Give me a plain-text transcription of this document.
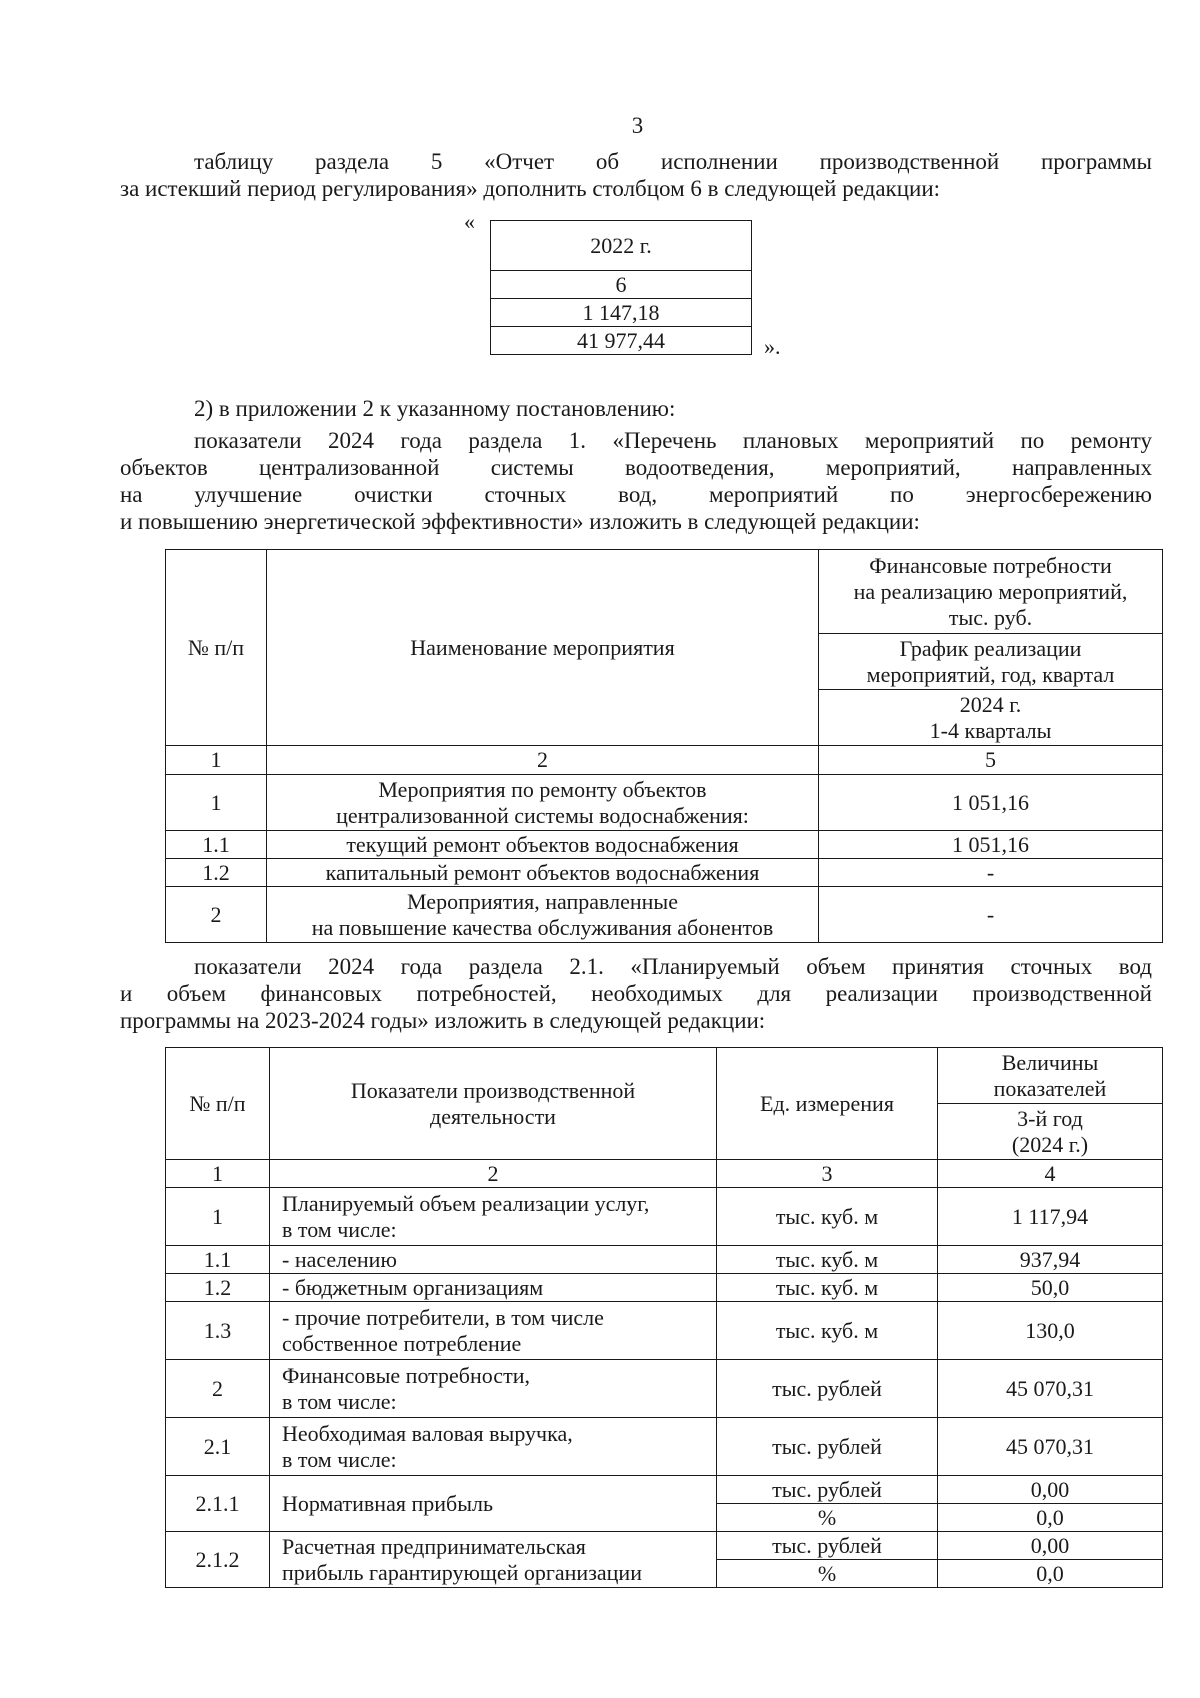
3
таблицу раздела 5 «Отчет об исполнении производственной программы
за истекший период регулирования» дополнить столбцом 6 в следующей редакции:
«
2022 г.
6
1 147,18
41 977,44	».
2) в приложении 2 к указанному постановлению:
показатели 2024 года раздела 1. «Перечень плановых мероприятий по ремонту
объектов централизованной системы водоотведения, мероприятий, направленных
на улучшение очистки сточных вод, мероприятий по энергосбережению
и повышению энергетической эффективности» изложить в следующей редакции:
№ п/п	Наименование мероприятия	Финансовые потребности
на реализацию мероприятий,
тыс. руб.

		График реализации
мероприятий, год, квартал

		2024 г.
1-4 кварталы

1	2	5
1	Мероприятия по ремонту объектов
централизованной системы водоснабжения:	1 051,16
1.1	текущий ремонт объектов водоснабжения	1 051,16
1.2	капитальный ремонт объектов водоснабжения	-
2	Мероприятия, направленные
на повышение качества обслуживания абонентов	-
показатели 2024 года раздела 2.1. «Планируемый объем принятия сточных вод
и объем финансовых потребностей, необходимых для реализации производственной
программы на 2023-2024 годы» изложить в следующей редакции:
№ п/п	Показатели производственной
деятельности	Ед. измерения	Величины
показателей

			3-й год
(2024 г.)

1	2	3	4
1	Планируемый объем реализации услуг,
в том числе:	тыс. куб. м	1 117,94
1.1	- населению	тыс. куб. м	937,94
1.2	- бюджетным организациям	тыс. куб. м	50,0
1.3	- прочие потребители, в том числе
собственное потребление	тыс. куб. м	130,0
2	Финансовые потребности,
в том числе:	тыс. рублей	45 070,31
2.1	Необходимая валовая выручка,
в том числе:	тыс. рублей	45 070,31
2.1.1	Нормативная прибыль	тыс. рублей	0,00
		%	0,0
2.1.2	Расчетная предпринимательская
прибыль гарантирующей организации	тыс. рублей	0,00
		%	0,0
